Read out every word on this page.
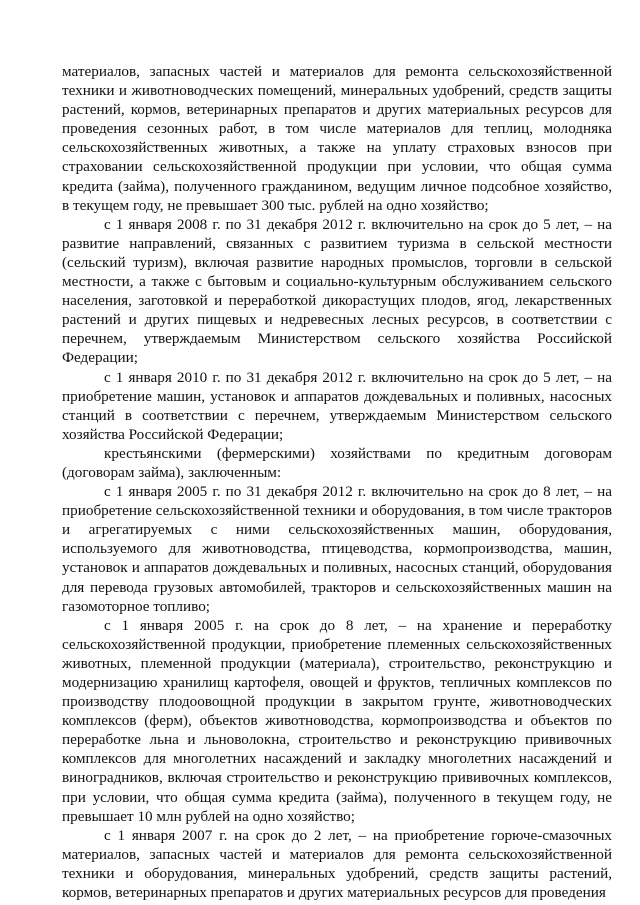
материалов, запасных частей и материалов для ремонта сельскохозяйственной техники и животноводческих помещений, минеральных удобрений, средств защиты растений, кормов, ветеринарных препаратов и других материальных ресурсов для проведения сезонных работ, в том числе материалов для теплиц, молодняка сельскохозяйственных животных, а также на уплату страховых взносов при страховании сельскохозяйственной продукции при условии, что общая сумма кредита (займа), полученного гражданином, ведущим личное подсобное хозяйство, в текущем году, не превышает 300 тыс. рублей на одно хозяйство;

с 1 января 2008 г. по 31 декабря 2012 г. включительно на срок до 5 лет, – на развитие направлений, связанных с развитием туризма в сельской местности (сельский туризм), включая развитие народных промыслов, торговли в сельской местности, а также с бытовым и социально-культурным обслуживанием сельского населения, заготовкой и переработкой дикорастущих плодов, ягод, лекарственных растений и других пищевых и недревесных лесных ресурсов, в соответствии с перечнем, утверждаемым Министерством сельского хозяйства Российской Федерации;

с 1 января 2010 г. по 31 декабря 2012 г. включительно на срок до 5 лет, – на приобретение машин, установок и аппаратов дождевальных и поливных, насосных станций в соответствии с перечнем, утверждаемым Министерством сельского хозяйства Российской Федерации;

крестьянскими (фермерскими) хозяйствами по кредитным договорам (договорам займа), заключенным:

с 1 января 2005 г. по 31 декабря 2012 г. включительно на срок до 8 лет, – на приобретение сельскохозяйственной техники и оборудования, в том числе тракторов и агрегатируемых с ними сельскохозяйственных машин, оборудования, используемого для животноводства, птицеводства, кормопроизводства, машин, установок и аппаратов дождевальных и поливных, насосных станций, оборудования для перевода грузовых автомобилей, тракторов и сельскохозяйственных машин на газомоторное топливо;

с 1 января 2005 г. на срок до 8 лет, – на хранение и переработку сельскохозяйственной продукции, приобретение племенных сельскохозяйственных животных, племенной продукции (материала), строительство, реконструкцию и модернизацию хранилищ картофеля, овощей и фруктов, тепличных комплексов по производству плодоовощной продукции в закрытом грунте, животноводческих комплексов (ферм), объектов животноводства, кормопроизводства и объектов по переработке льна и льноволокна, строительство и реконструкцию прививочных комплексов для многолетних насаждений и закладку многолетних насаждений и виноградников, включая строительство и реконструкцию прививочных комплексов, при условии, что общая сумма кредита (займа), полученного в текущем году, не превышает 10 млн рублей на одно хозяйство;

с 1 января 2007 г. на срок до 2 лет, – на приобретение горюче-смазочных материалов, запасных частей и материалов для ремонта сельскохозяйственной техники и оборудования, минеральных удобрений, средств защиты растений, кормов, ветеринарных препаратов и других материальных ресурсов для проведения
